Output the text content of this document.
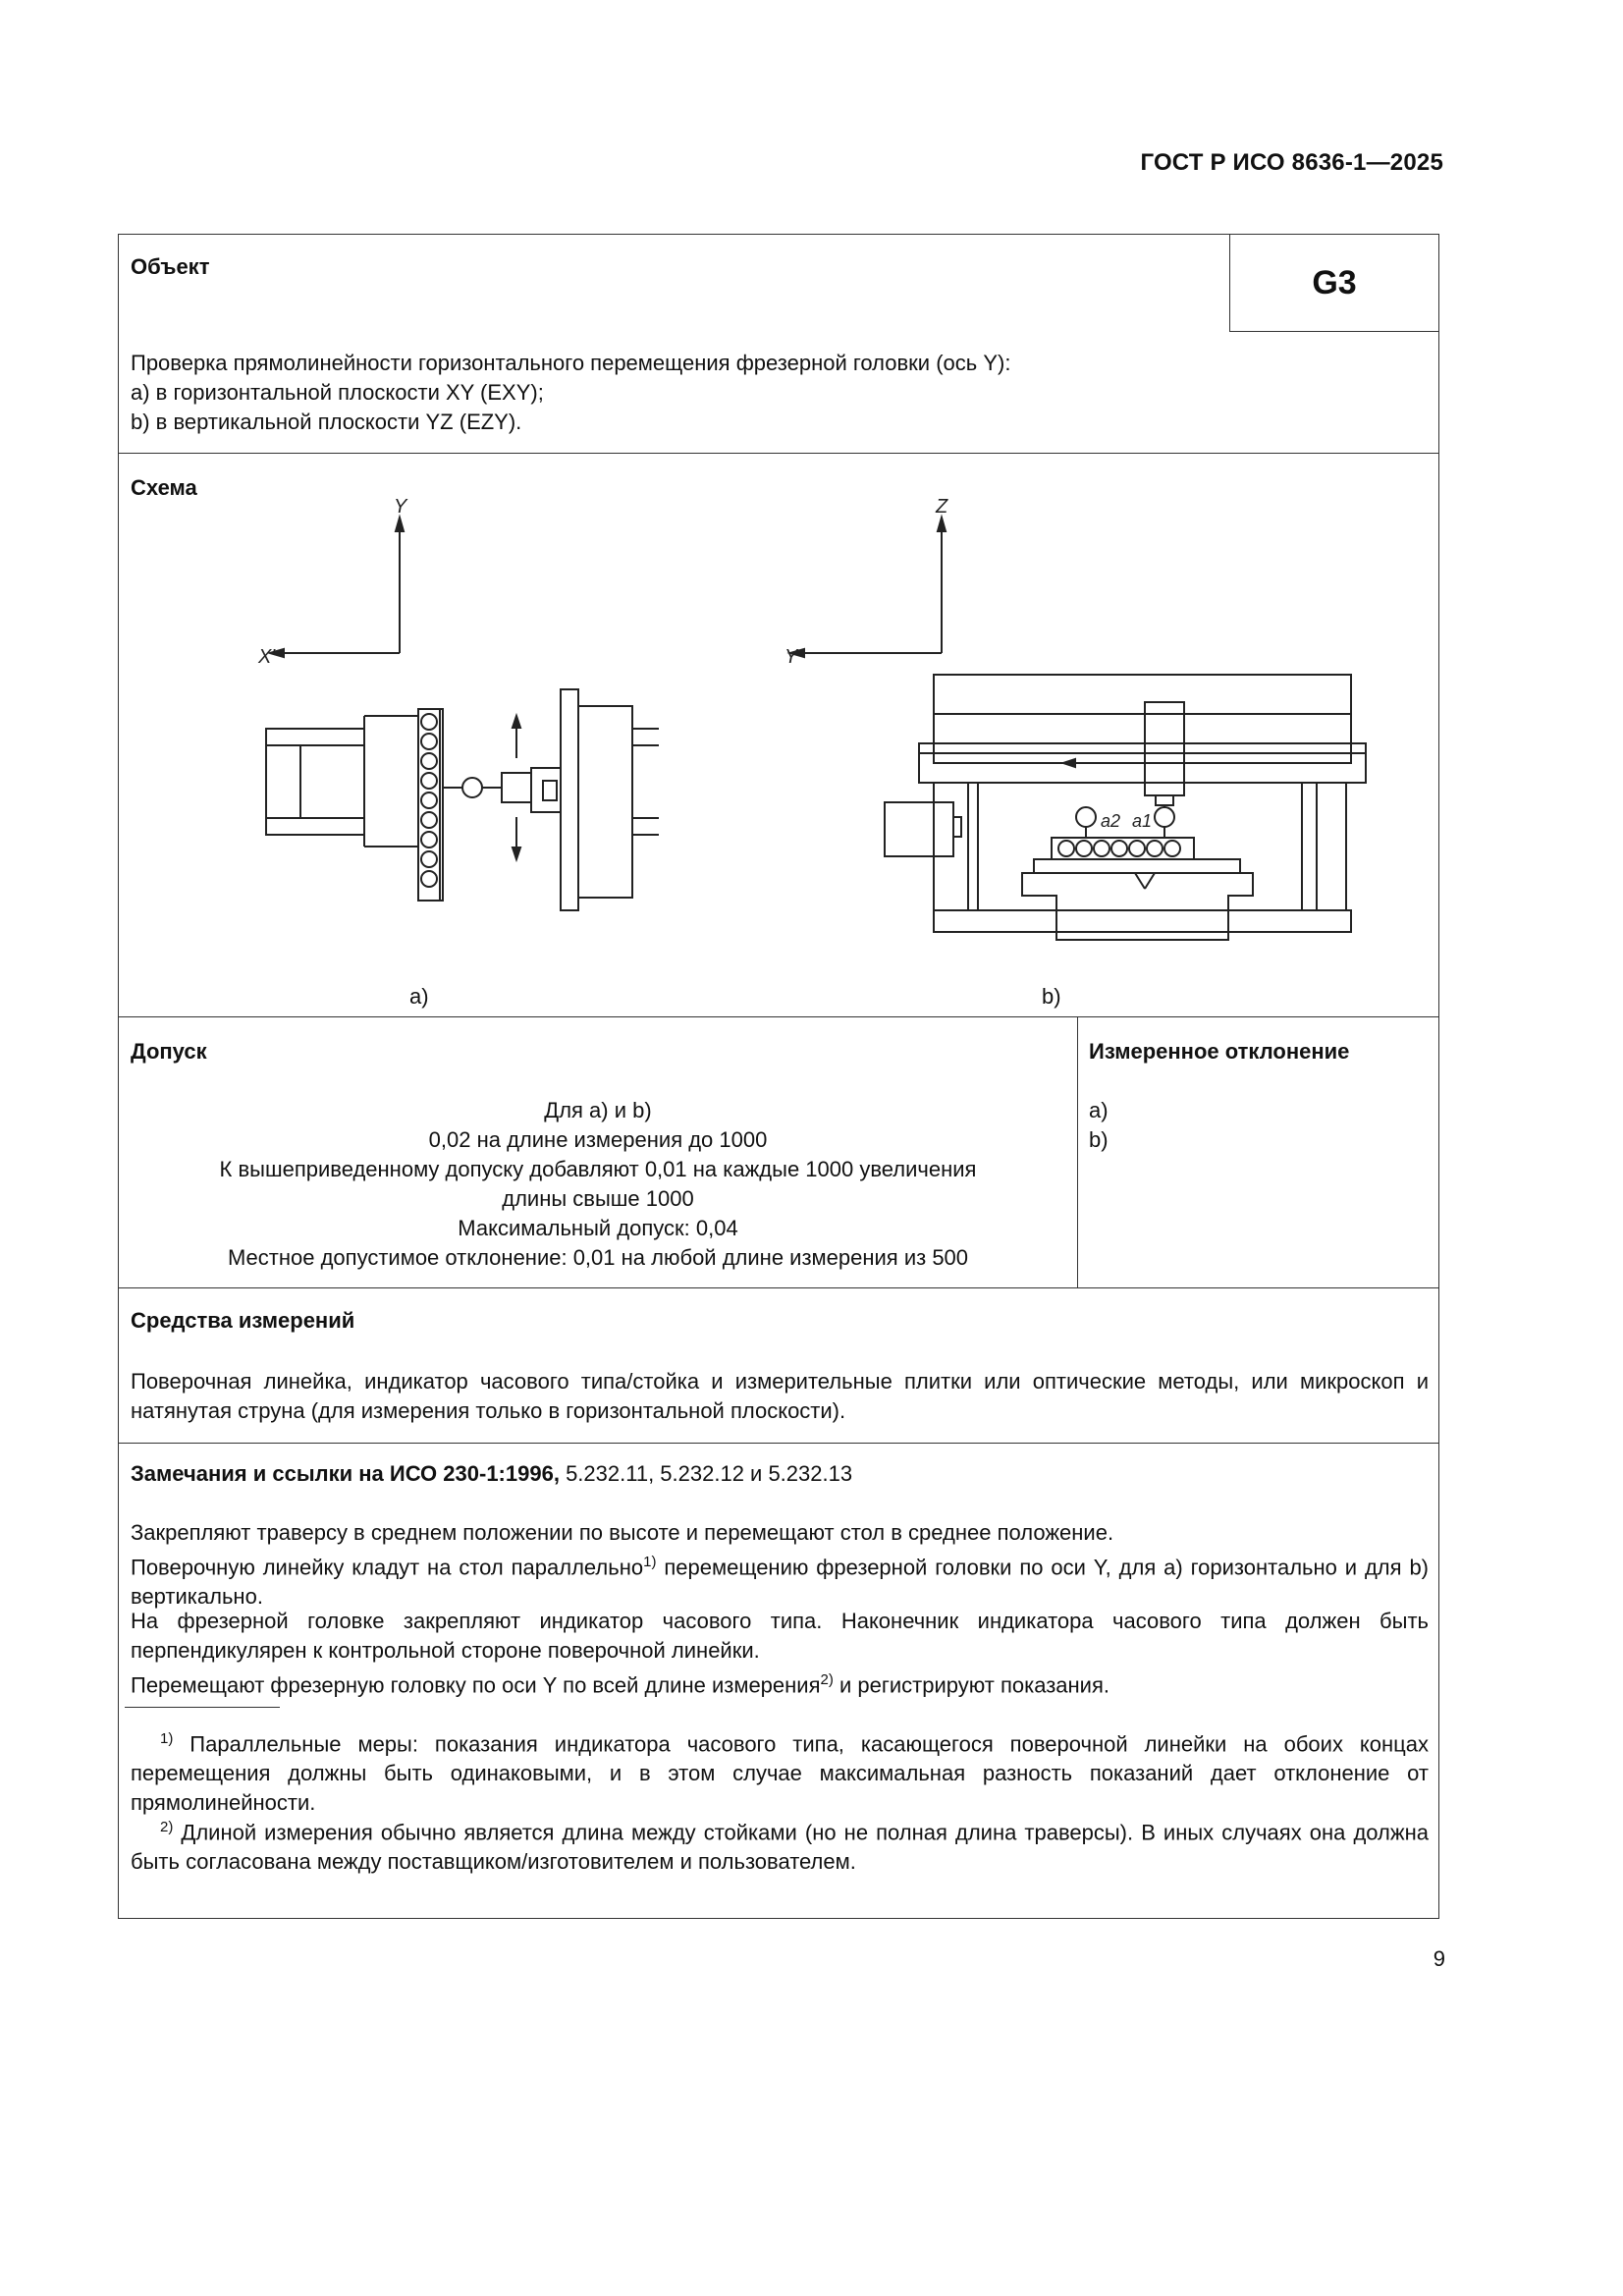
ГОСТ Р ИСО 8636-1—2025
Объект	G3
Проверка прямолинейности горизонтального перемещения фрезерной головки (ось Y):
a) в горизонтальной плоскости XY (EXY);
b) в вертикальной плоскости YZ (EZY).
Схема
Y
X′
a)
Z
Y
a2 a1
b)
Допуск
Для a) и b)
0,02 на длине измерения до 1000
К вышеприведенному допуску добавляют 0,01 на каждые 1000 увеличения
длины свыше 1000
Максимальный допуск: 0,04
Местное допустимое отклонение: 0,01 на любой длине измерения из 500
Измеренное отклонение
a)
b)
Средства измерений
Поверочная линейка, индикатор часового типа/стойка и измерительные плитки или оптические методы, или микроскоп и натянутая струна (для измерения только в горизонтальной плоскости).
Замечания и ссылки на ИСО 230-1:1996, 5.232.11, 5.232.12 и 5.232.13
Закрепляют траверсу в среднем положении по высоте и перемещают стол в среднее положение.
Поверочную линейку кладут на стол параллельно$^{1)}$ перемещению фрезерной головки по оси Y, для a) горизонтально и для b) вертикально.
На фрезерной головке закрепляют индикатор часового типа. Наконечник индикатора часового типа должен быть перпендикулярен к контрольной стороне поверочной линейки.
Перемещают фрезерную головку по оси Y по всей длине измерения$^{2)}$ и регистрируют показания.
$^{1)}$ Параллельные меры: показания индикатора часового типа, касающегося поверочной линейки на обоих концах перемещения должны быть одинаковыми, и в этом случае максимальная разность показаний дает отклонение от прямолинейности.
$^{2)}$ Длиной измерения обычно является длина между стойками (но не полная длина траверсы). В иных случаях она должна быть согласована между поставщиком/изготовителем и пользователем.
9
